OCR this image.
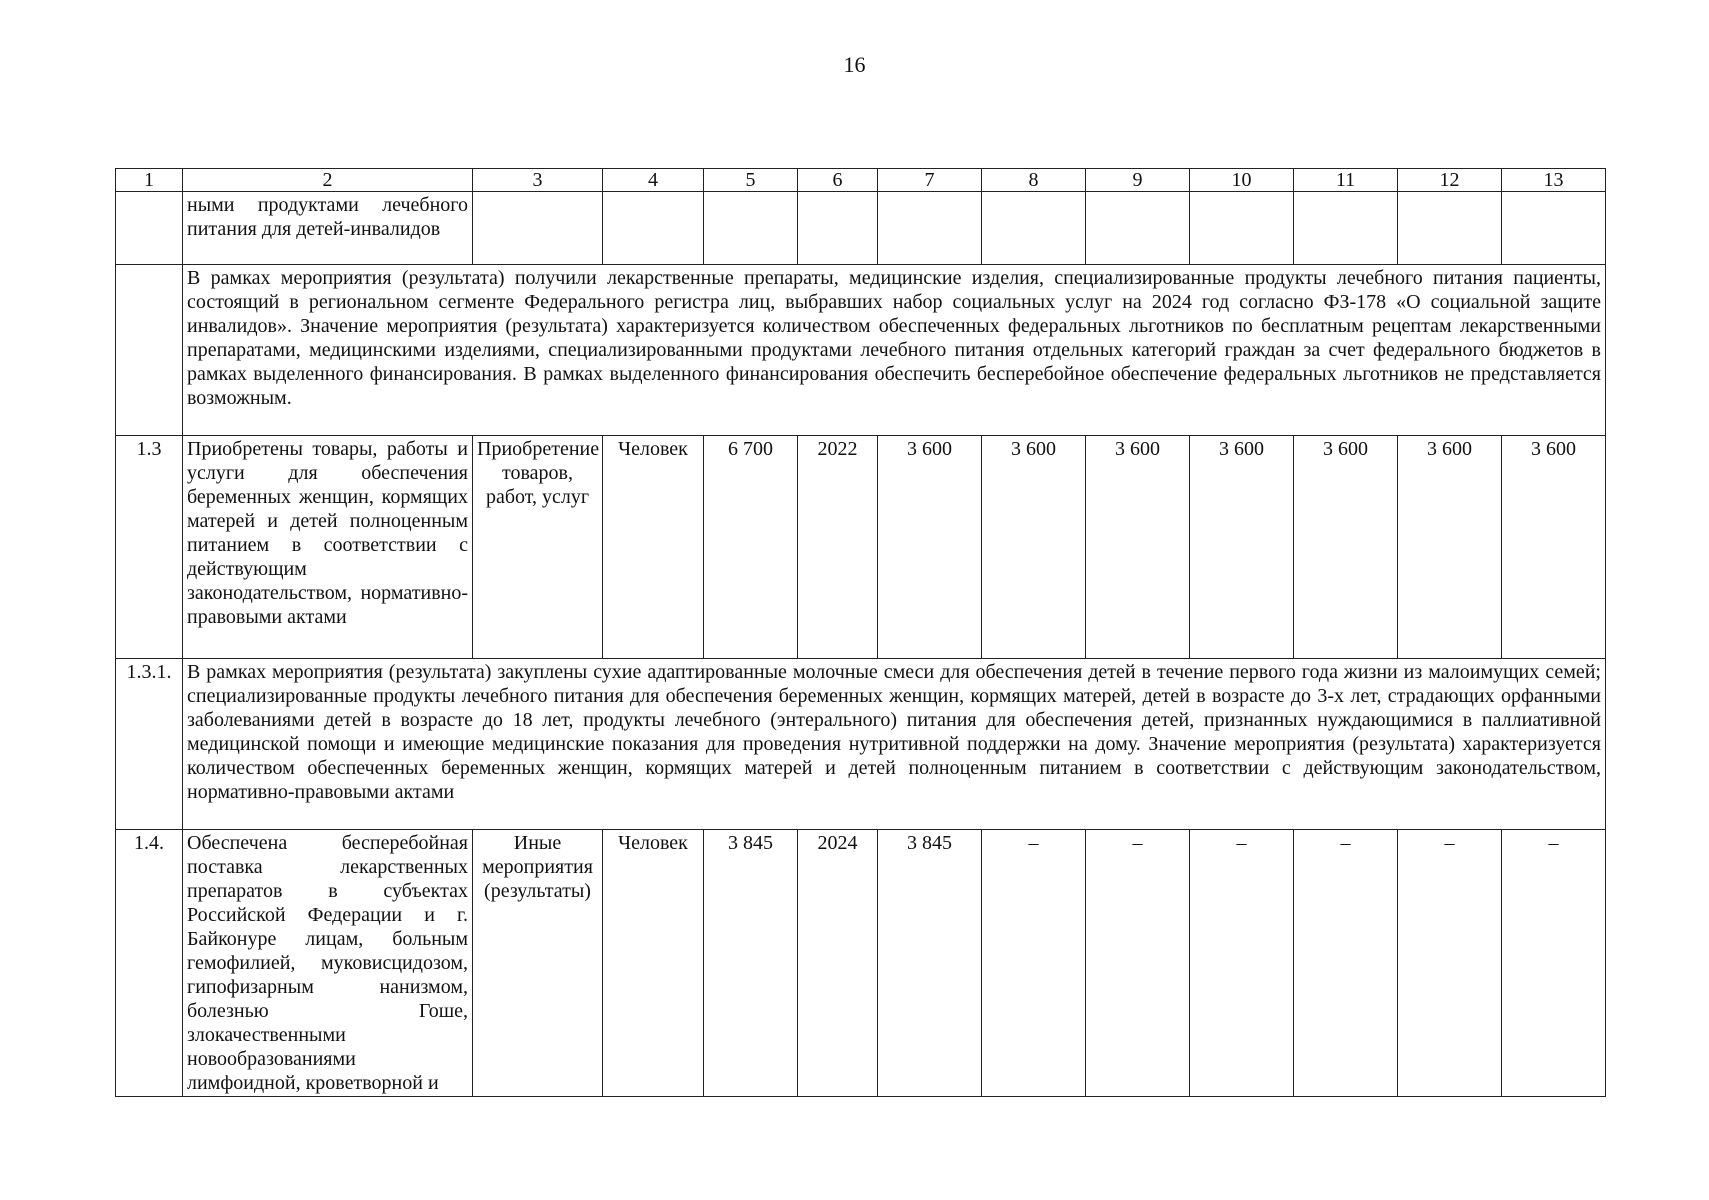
16
1	2	3	4	5	6	7	8	9	10	11	12	13
	ными продуктами лечебного питания для детей-инвалидов											
	В рамках мероприятия (результата) получили лекарственные препараты, медицинские изделия, специализированные продукты лечебного питания пациенты, состоящий в региональном сегменте Федерального регистра лиц, выбравших набор социальных услуг на 2024 год согласно ФЗ-178 «О социальной защите инвалидов». Значение мероприятия (результата) характеризуется количеством обеспеченных федеральных льготников по бесплатным рецептам лекарственными препаратами, медицинскими изделиями, специализированными продуктами лечебного питания отдельных категорий граждан за счет федерального бюджетов в рамках выделенного финансирования. В рамках выделенного финансирования обеспечить бесперебойное обеспечение федеральных льготников не представляется возможным.											
1.3	Приобретены товары, работы и услуги для обеспечения беременных женщин, кормящих матерей и детей полноценным питанием в соответствии с действующим законодательством, нормативно-правовыми актами	Приобретение товаров, работ, услуг	Человек	6 700	2022	3 600	3 600	3 600	3 600	3 600	3 600	3 600
1.3.1.	В рамках мероприятия (результата) закуплены сухие адаптированные молочные смеси для обеспечения детей в течение первого года жизни из малоимущих семей; специализированные продукты лечебного питания для обеспечения беременных женщин, кормящих матерей, детей в возрасте до 3-х лет, страдающих орфанными заболеваниями детей в возрасте до 18 лет, продукты лечебного (энтерального) питания для обеспечения детей, признанных нуждающимися в паллиативной медицинской помощи и имеющие медицинские показания для проведения нутритивной поддержки на дому. Значение мероприятия (результата) характеризуется количеством обеспеченных беременных женщин, кормящих матерей и детей полноценным питанием в соответствии с действующим законодательством, нормативно-правовыми актами											
1.4.	Обеспечена бесперебойная поставка лекарственных препаратов в субъектах Российской Федерации и г. Байконуре лицам, больным гемофилией, муковисцидозом, гипофизарным нанизмом, болезнью Гоше, злокачественными новообразованиями лимфоидной, кроветворной и	Иные мероприятия (результаты)	Человек	3 845	2024	3 845	–	–	–	–	–	–
